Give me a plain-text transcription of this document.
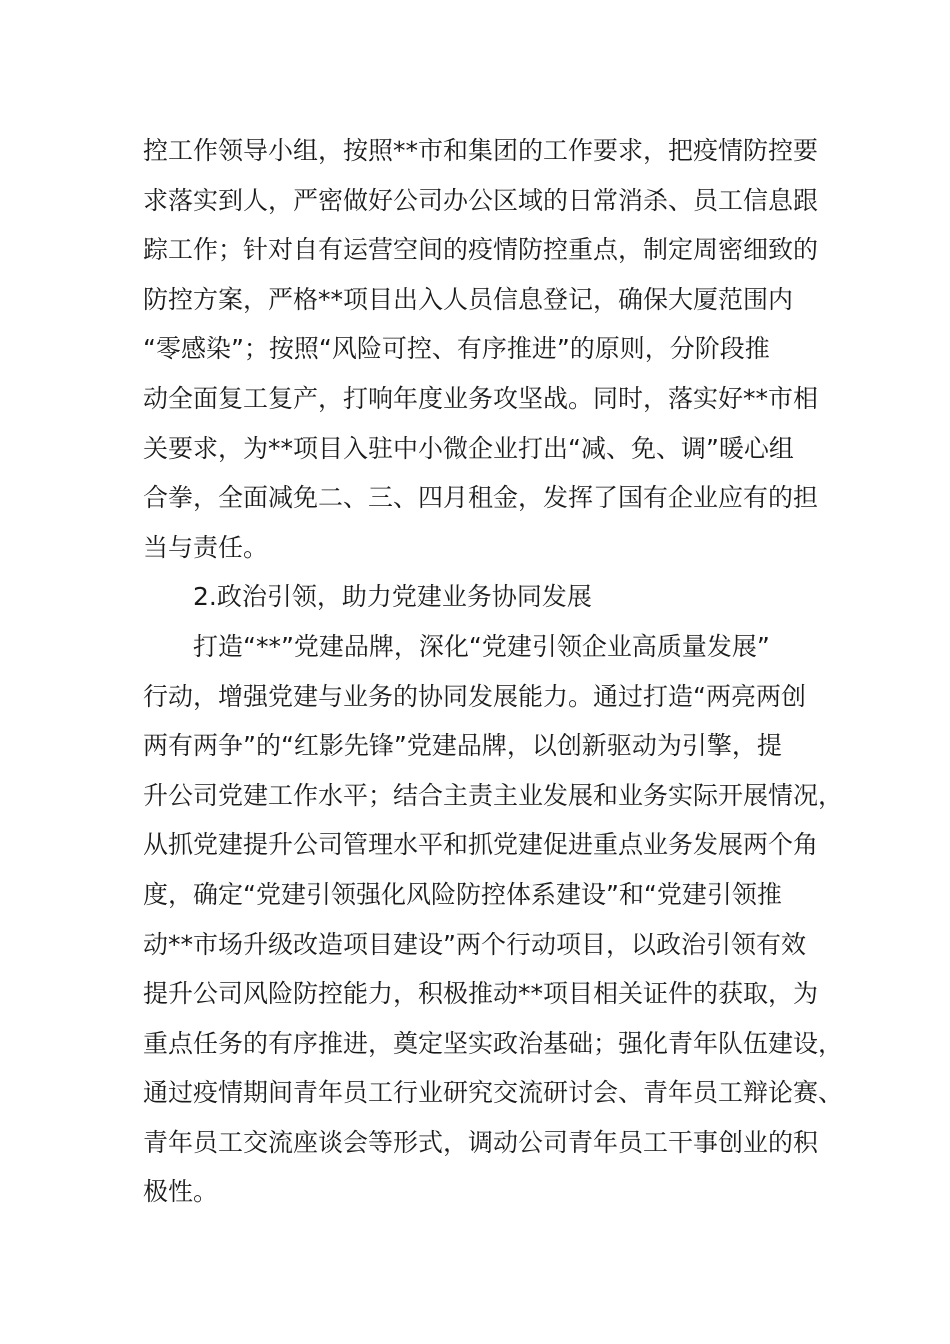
控工作领导小组，按照**市和集团的工作要求，把疫情防控要
求落实到人，严密做好公司办公区域的日常消杀、员工信息跟
踪工作；针对自有运营空间的疫情防控重点，制定周密细致的
防控方案，严格**项目出入人员信息登记，确保大厦范围内
“零感染”；按照“风险可控、有序推进”的原则，分阶段推
动全面复工复产，打响年度业务攻坚战。同时，落实好**市相
关要求，为**项目入驻中小微企业打出“减、免、调”暖心组
合拳，全面减免二、三、四月租金，发挥了国有企业应有的担
当与责任。
2.政治引领，助力党建业务协同发展
打造“**”党建品牌，深化“党建引领企业高质量发展”
行动，增强党建与业务的协同发展能力。通过打造“两亮两创
两有两争”的“红影先锋”党建品牌，以创新驱动为引擎，提
升公司党建工作水平；结合主责主业发展和业务实际开展情况，
从抓党建提升公司管理水平和抓党建促进重点业务发展两个角
度，确定“党建引领强化风险防控体系建设”和“党建引领推
动**市场升级改造项目建设”两个行动项目，以政治引领有效
提升公司风险防控能力，积极推动**项目相关证件的获取，为
重点任务的有序推进，奠定坚实政治基础；强化青年队伍建设，
通过疫情期间青年员工行业研究交流研讨会、青年员工辩论赛、
青年员工交流座谈会等形式，调动公司青年员工干事创业的积
极性。
